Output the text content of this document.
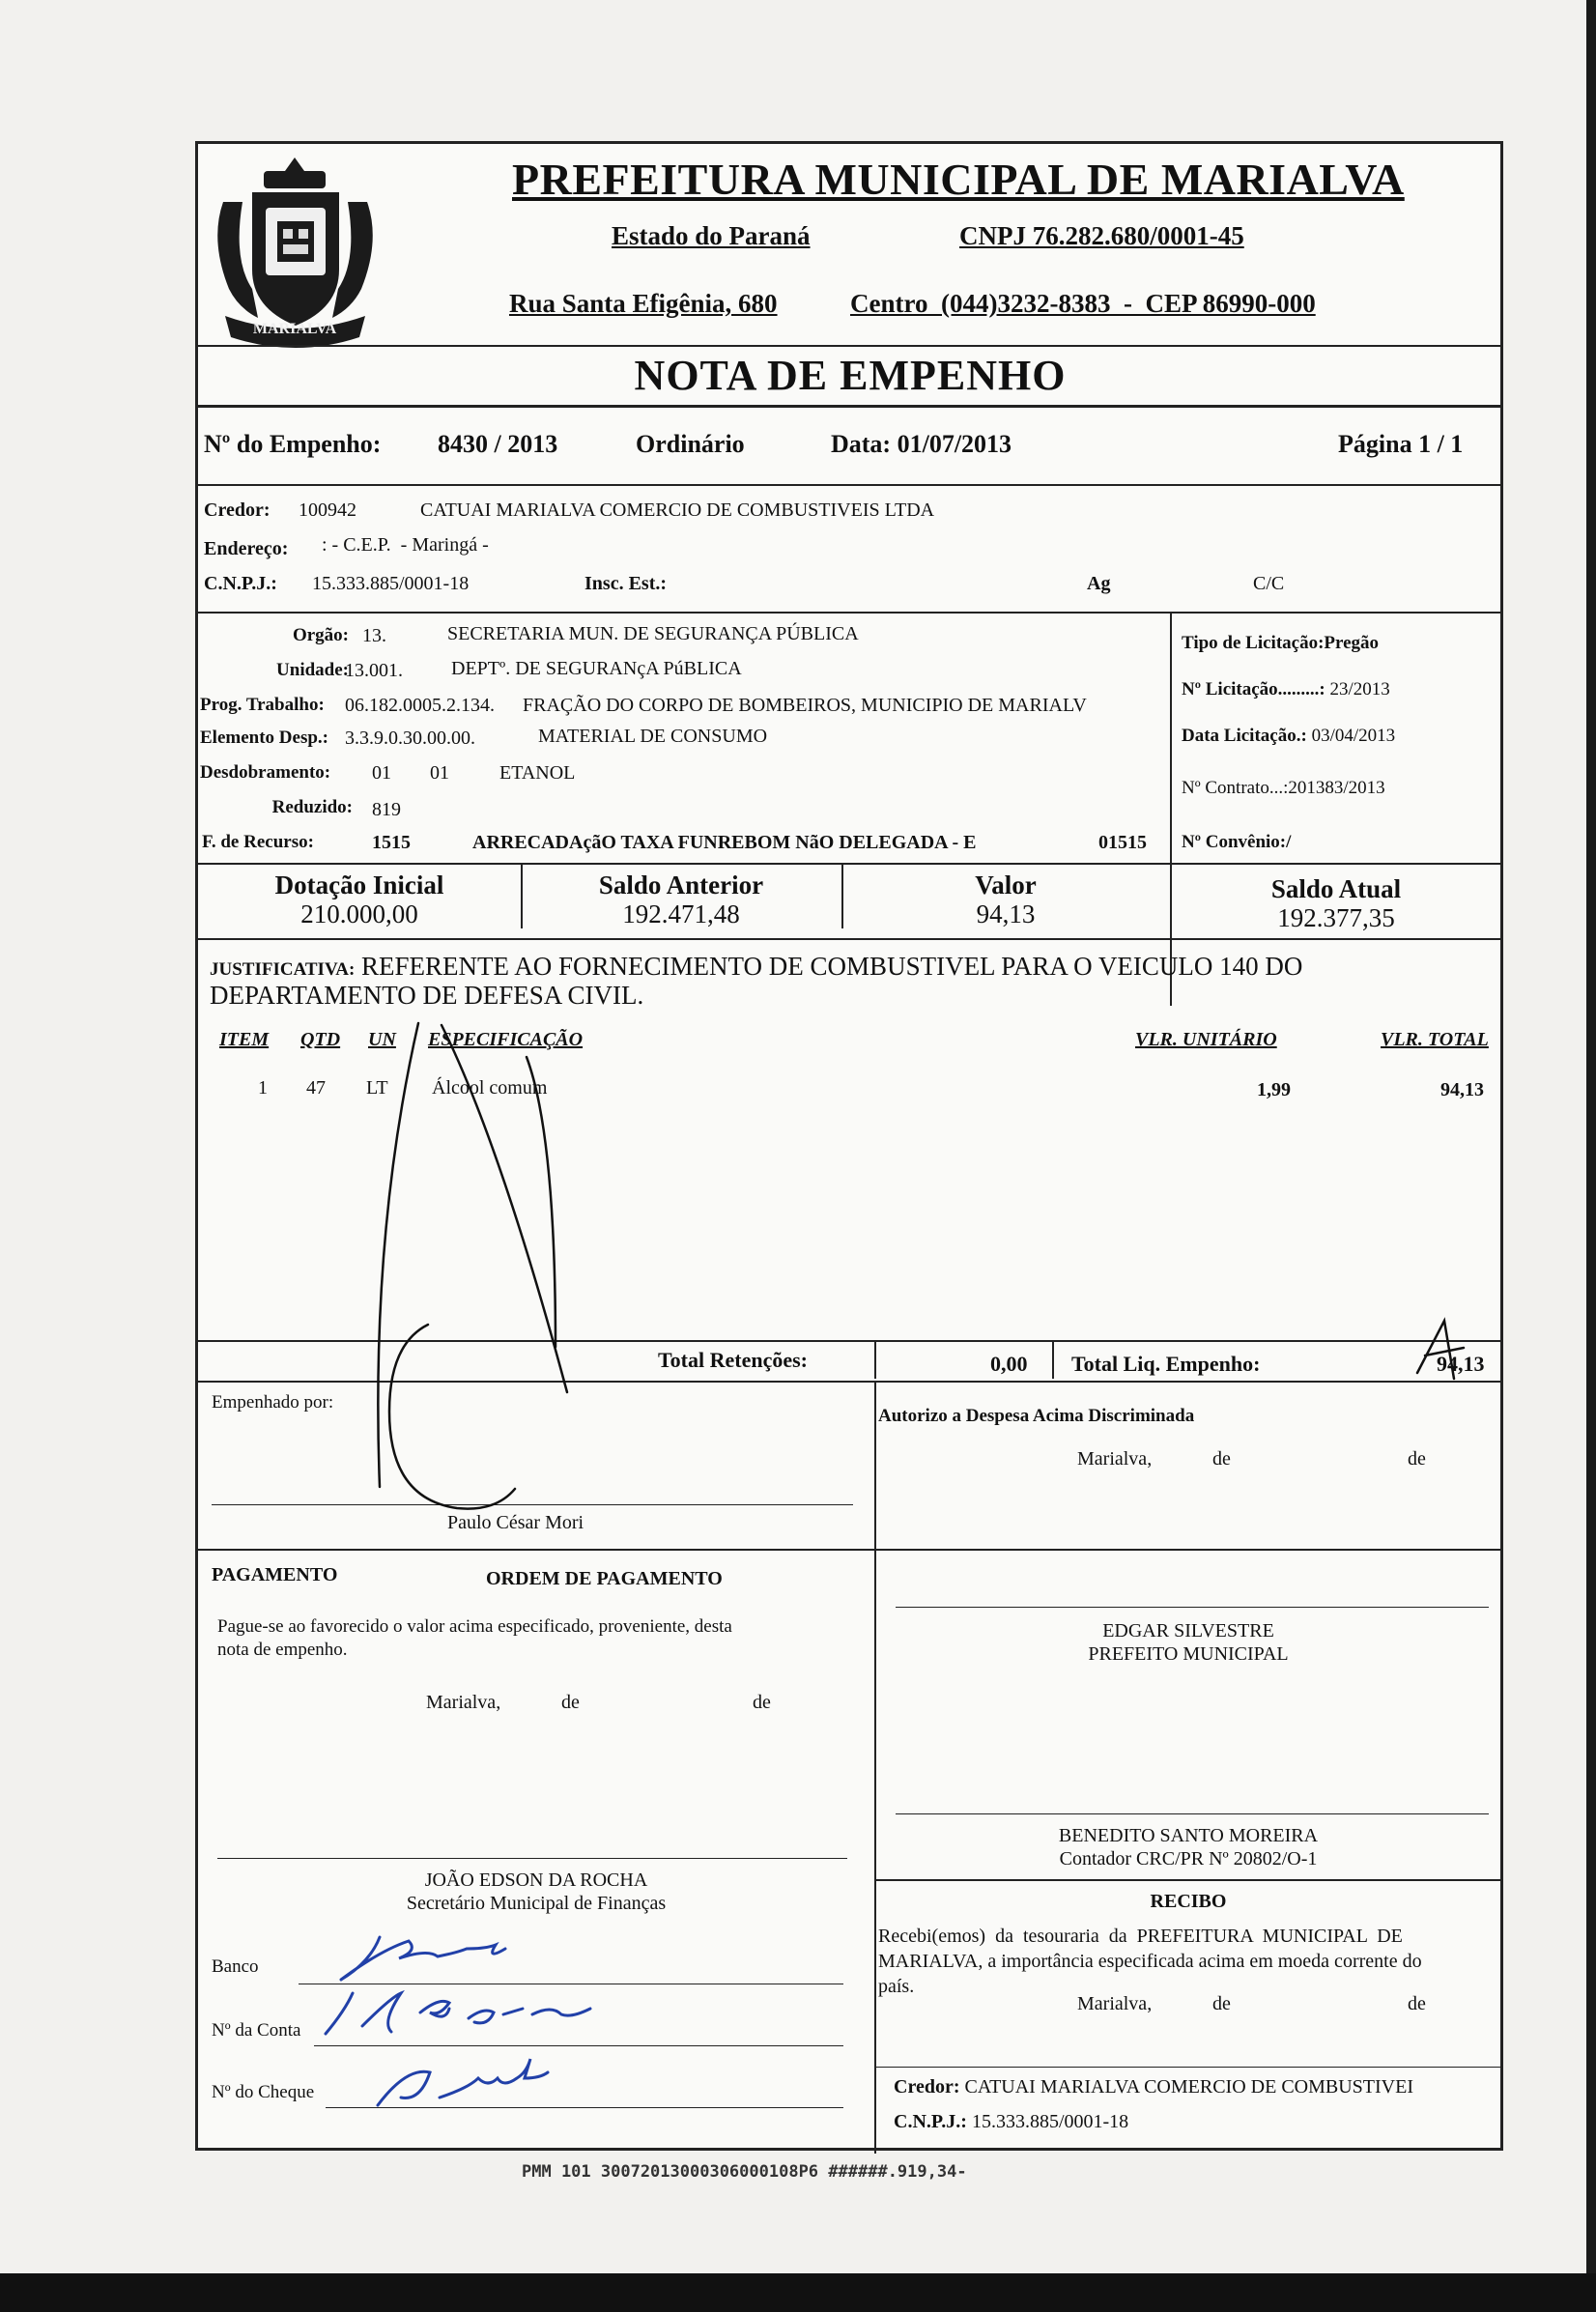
MARIALVA
PREFEITURA MUNICIPAL DE MARIALVA
Estado do Paraná	CNPJ 76.282.680/0001-45
Rua Santa Efigênia, 680	Centro  (044)3232-8383  -  CEP 86990-000
NOTA DE EMPENHO
Nº do Empenho: 8430 / 2013	Ordinário	Data: 01/07/2013	Página 1 / 1
Credor: 100942	CATUAI MARIALVA COMERCIO DE COMBUSTIVEIS LTDA
Endereço: : - C.E.P.  - Maringá -
C.N.P.J.: 15.333.885/0001-18	Insc. Est.:	Ag	C/C
Orgão: 13.	SECRETARIA MUN. DE SEGURANÇA PÚBLICA
Unidade:
13.001.	DEPTº. DE SEGURANçA PúBLICA
Prog. Trabalho: 06.182.0005.2.134. FRAÇÃO DO CORPO DE BOMBEIROS, MUNICIPIO DE MARIALV
Elemento Desp.: 3.3.9.0.30.00.00.	MATERIAL DE CONSUMO
Desdobramento: 01 01	ETANOL
Reduzido: 819
F. de Recurso:	1515	ARRECADAçãO TAXA FUNREBOM NãO DELEGADA - E	01515
Tipo de Licitação:Pregão
Nº Licitação.........: 23/2013
Data Licitação.: 03/04/2013
Nº Contrato...:201383/2013
Nº Convênio:/
Dotação Inicial
210.000,00
Saldo Anterior
192.471,48
Valor
94,13
Saldo Atual
192.377,35
JUSTIFICATIVA: REFERENTE AO FORNECIMENTO DE COMBUSTIVEL PARA O VEICULO 140 DO
DEPARTAMENTO DE DEFESA CIVIL.
ITEM QTD UN ESPECIFICAÇÃO	VLR. UNITÁRIO	VLR. TOTAL
1 47 LT Álcool comum	1,99	94,13
Total Retenções:	0,00 Total Liq. Empenho:	94,13
Empenhado por:
Paulo César Mori
Autorizo a Despesa Acima Discriminada
Marialva,	de	de
PAGAMENTO	ORDEM DE PAGAMENTO
Pague-se ao favorecido o valor acima especificado, proveniente, desta
nota de empenho.
Marialva,	de	de
EDGAR SILVESTRE
PREFEITO MUNICIPAL
JOÃO EDSON DA ROCHA
Secretário Municipal de Finanças
BENEDITO SANTO MOREIRA
Contador CRC/PR Nº 20802/O-1
RECIBO
Recebi(emos)  da  tesouraria  da  PREFEITURA  MUNICIPAL  DE
MARIALVA, a importância especificada acima em moeda corrente do
país.
Marialva,	de	de
Banco
Nº da Conta
Nº do Cheque	Credor: CATUAI MARIALVA COMERCIO DE COMBUSTIVEI
C.N.P.J.: 15.333.885/0001-18
PMM 101 30072013000306000108P6 ######.919,34-
